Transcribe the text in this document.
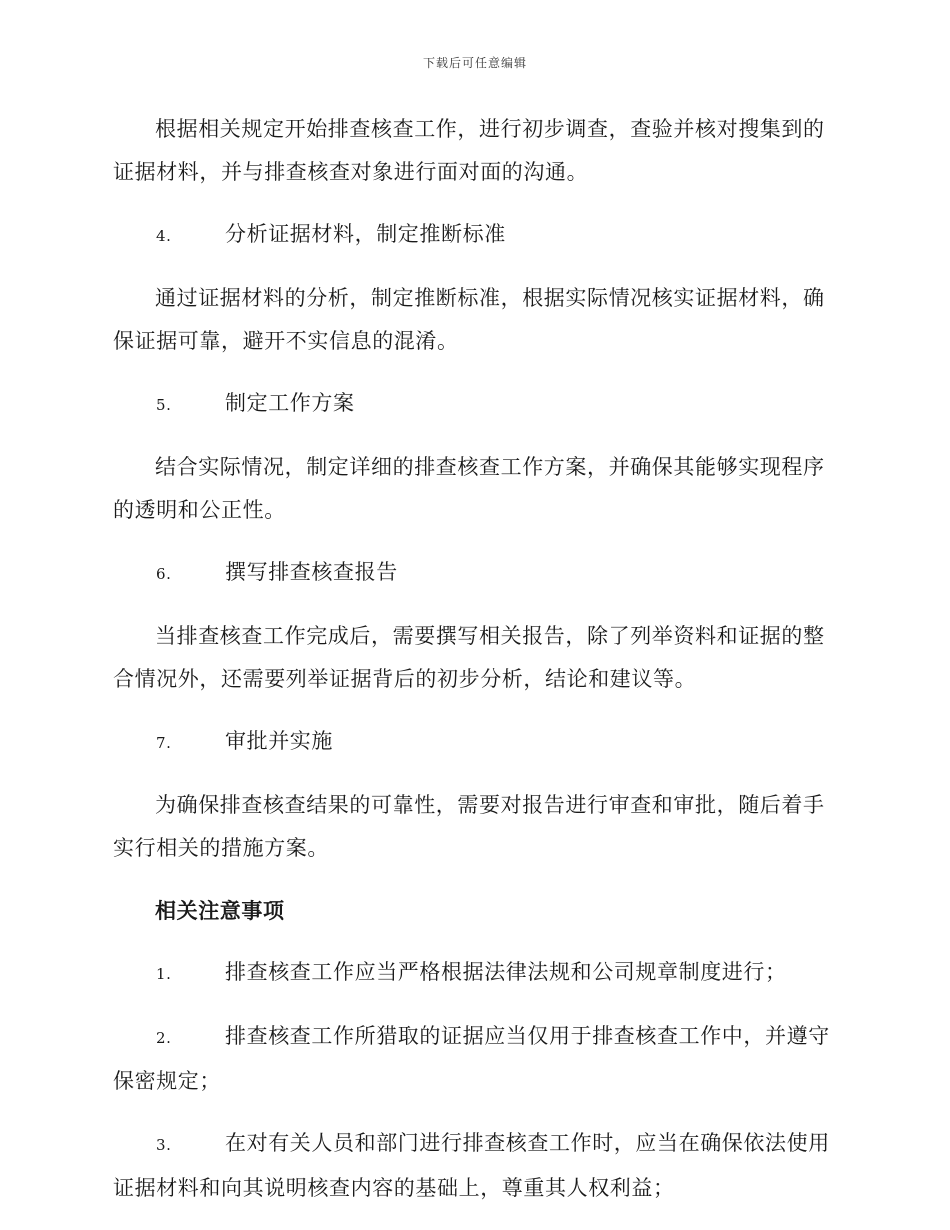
下载后可任意编辑

根据相关规定开始排查核查工作，进行初步调查，查验并核对搜集到的证据材料，并与排查核查对象进行面对面的沟通。

4.	分析证据材料，制定推断标准

通过证据材料的分析，制定推断标准，根据实际情况核实证据材料，确保证据可靠，避开不实信息的混淆。

5.	制定工作方案

结合实际情况，制定详细的排查核查工作方案，并确保其能够实现程序的透明和公正性。

6.	撰写排查核查报告

当排查核查工作完成后，需要撰写相关报告，除了列举资料和证据的整合情况外，还需要列举证据背后的初步分析，结论和建议等。

7.	审批并实施

为确保排查核查结果的可靠性，需要对报告进行审查和审批，随后着手实行相关的措施方案。

相关注意事项

1.	排查核查工作应当严格根据法律法规和公司规章制度进行；

2.	排查核查工作所猎取的证据应当仅用于排查核查工作中，并遵守保密规定；

3.	在对有关人员和部门进行排查核查工作时，应当在确保依法使用证据材料和向其说明核查内容的基础上，尊重其人权利益；
